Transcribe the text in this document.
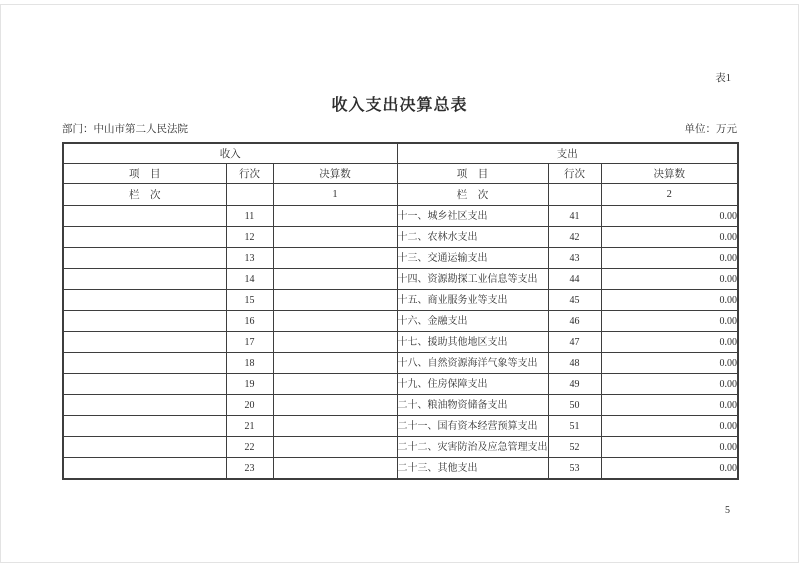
表1
收入支出决算总表
部门：中山市第二人民法院	单位：万元
收入			支出		
项　目	行次	决算数	项　目	行次	决算数
栏　次		1	栏　次		2
	11		十一、城乡社区支出	41	0.00
	12		十二、农林水支出	42	0.00
	13		十三、交通运输支出	43	0.00
	14		十四、资源勘探工业信息等支出	44	0.00
	15		十五、商业服务业等支出	45	0.00
	16		十六、金融支出	46	0.00
	17		十七、援助其他地区支出	47	0.00
	18		十八、自然资源海洋气象等支出	48	0.00
	19		十九、住房保障支出	49	0.00
	20		二十、粮油物资储备支出	50	0.00
	21		二十一、国有资本经营预算支出	51	0.00
	22		二十二、灾害防治及应急管理支出	52	0.00
	23		二十三、其他支出	53	0.00
5
